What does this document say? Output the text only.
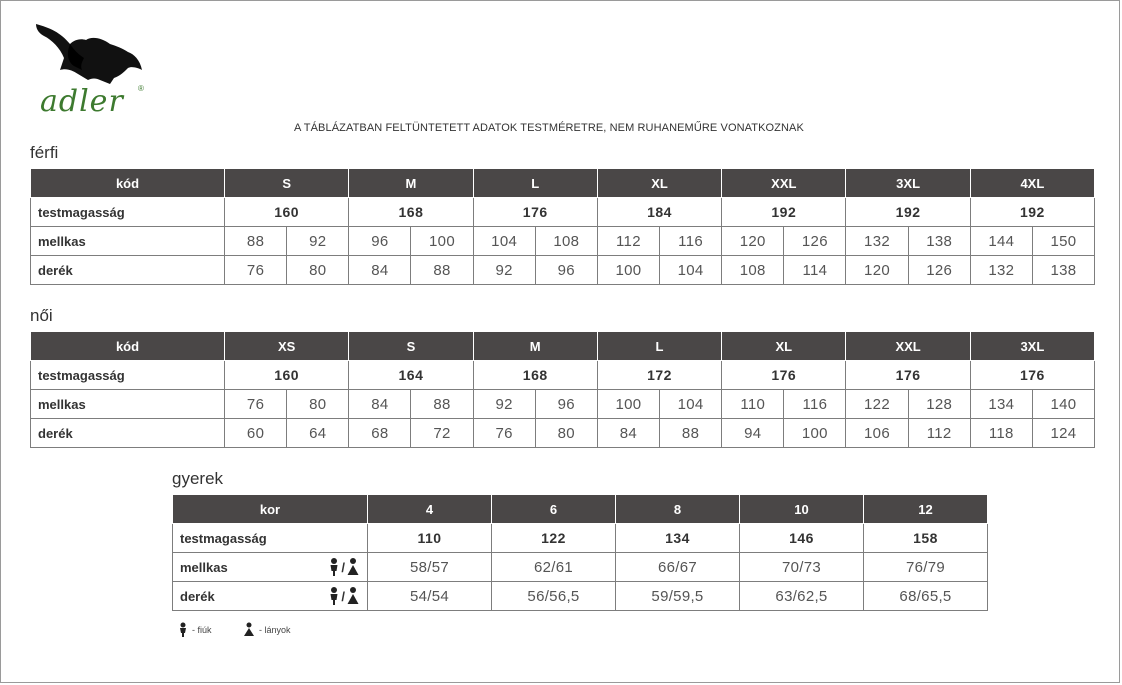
adler ®
A TÁBLÁZATBAN FELTÜNTETETT ADATOK TESTMÉRETRE, NEM RUHANEMŰRE VONATKOZNAK
férfi
kód	S		M		L		XL		XXL		3XL		4XL	
testmagasság	160		168		176		184		192		192		192	
mellkas	88	92	96	100	104	108	112	116	120	126	132	138	144	150
derék	76	80	84	88	92	96	100	104	108	114	120	126	132	138
női
kód	XS		S		M		L		XL		XXL		3XL	
testmagasság	160		164		168		172		176		176		176	
mellkas	76	80	84	88	92	96	100	104	110	116	122	128	134	140
derék	60	64	68	72	76	80	84	88	94	100	106	112	118	124
gyerek
kor	4	6	8	10	12
testmagasság	110	122	134	146	158

mellkas /	58/57	62/61	66/67	70/73	76/79

derék /	54/54	56/56,5	59/59,5	63/62,5	68/65,5
- fiúk	- lányok
